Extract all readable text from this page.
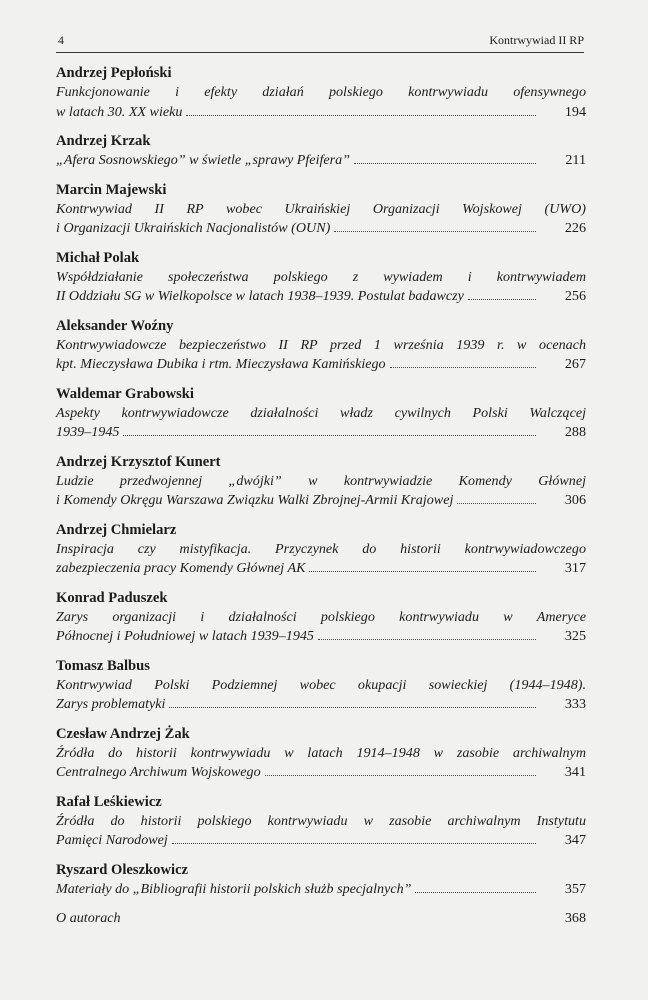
4	Kontrwywiad II RP
Andrzej Pepłoński
Funkcjonowanie i efekty działań polskiego kontrwywiadu ofensywnego
w latach 30. XX wieku	194
Andrzej Krzak
„Afera Sosnowskiego” w świetle „sprawy Pfeifera”	211
Marcin Majewski
Kontrwywiad II RP wobec Ukraińskiej Organizacji Wojskowej (UWO)
i Organizacji Ukraińskich Nacjonalistów (OUN)	226
Michał Polak
Współdziałanie społeczeństwa polskiego z wywiadem i kontrwywiadem
II Oddziału SG w Wielkopolsce w latach 1938–1939. Postulat badawczy	256
Aleksander Woźny
Kontrwywiadowcze bezpieczeństwo II RP przed 1 września 1939 r. w ocenach
kpt. Mieczysława Dubika i rtm. Mieczysława Kamińskiego	267
Waldemar Grabowski
Aspekty kontrwywiadowcze działalności władz cywilnych Polski Walczącej
1939–1945	288
Andrzej Krzysztof Kunert
Ludzie przedwojennej „dwójki” w kontrwywiadzie Komendy Głównej
i Komendy Okręgu Warszawa Związku Walki Zbrojnej-Armii Krajowej	306
Andrzej Chmielarz
Inspiracja czy mistyfikacja. Przyczynek do historii kontrwywiadowczego
zabezpieczenia pracy Komendy Głównej AK	317
Konrad Paduszek
Zarys organizacji i działalności polskiego kontrwywiadu w Ameryce
Północnej i Południowej w latach 1939–1945	325
Tomasz Balbus
Kontrwywiad Polski Podziemnej wobec okupacji sowieckiej (1944–1948).
Zarys problematyki	333
Czesław Andrzej Żak
Źródła do historii kontrwywiadu w latach 1914–1948 w zasobie archiwalnym
Centralnego Archiwum Wojskowego	341
Rafał Leśkiewicz
Źródła do historii polskiego kontrwywiadu w zasobie archiwalnym Instytutu
Pamięci Narodowej	347
Ryszard Oleszkowicz
Materiały do „Bibliografii historii polskich służb specjalnych”	357
O autorach	368
